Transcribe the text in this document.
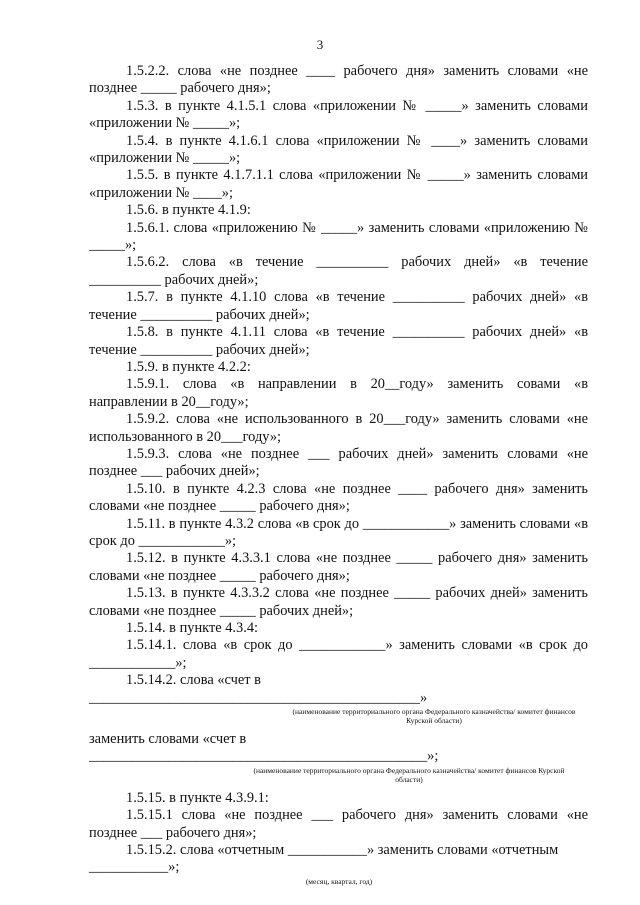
3

1.5.2.2. слова «не позднее ____ рабочего дня» заменить словами «не позднее _____ рабочего дня»;

1.5.3. в пункте 4.1.5.1 слова «приложении № _____» заменить словами «приложении № _____»;

1.5.4. в пункте 4.1.6.1 слова «приложении № ____» заменить словами «приложении № _____»;

1.5.5. в пункте 4.1.7.1.1 слова «приложении № _____» заменить словами «приложении № ____»;

1.5.6. в пункте 4.1.9:

1.5.6.1. слова «приложению № _____» заменить словами «приложению № _____»;

1.5.6.2. слова «в течение __________ рабочих дней» «в течение __________ рабочих дней»;

1.5.7. в пункте 4.1.10 слова «в течение __________ рабочих дней» «в течение __________ рабочих дней»;

1.5.8. в пункте 4.1.11 слова «в течение __________ рабочих дней» «в течение __________ рабочих дней»;

1.5.9. в пункте 4.2.2:

1.5.9.1. слова «в направлении в 20__году» заменить совами «в направлении в 20__году»;

1.5.9.2. слова «не использованного в 20___году» заменить словами «не использованного в 20___году»;

1.5.9.3. слова «не позднее ___ рабочих дней» заменить словами «не позднее ___ рабочих дней»;

1.5.10. в пункте 4.2.3 слова «не позднее ____ рабочего дня» заменить словами «не позднее _____ рабочего дня»;

1.5.11. в пункте 4.3.2 слова «в срок до ____________» заменить словами «в срок до ____________»;

1.5.12. в пункте 4.3.3.1 слова «не позднее _____ рабочего дня» заменить словами «не позднее _____ рабочего дня»;

1.5.13. в пункте 4.3.3.2 слова «не позднее _____ рабочих дней» заменить словами «не позднее _____ рабочих дней»;

1.5.14. в пункте 4.3.4:

1.5.14.1. слова «в срок до ____________» заменить словами «в срок до ____________»;

1.5.14.2. слова «счет в ______________________________________________»

(наименование территориального органа Федерального казначейства/ комитет финансов Курской области)

заменить словами «счет в _______________________________________________»;

(наименование территориального органа Федерального казначейства/ комитет финансов Курской области)

1.5.15. в пункте 4.3.9.1:

1.5.15.1 слова «не позднее ___ рабочего дня» заменить словами «не позднее ___ рабочего дня»;

1.5.15.2. слова «отчетным ___________» заменить словами «отчетным ___________»;

(месяц, квартал, год)
